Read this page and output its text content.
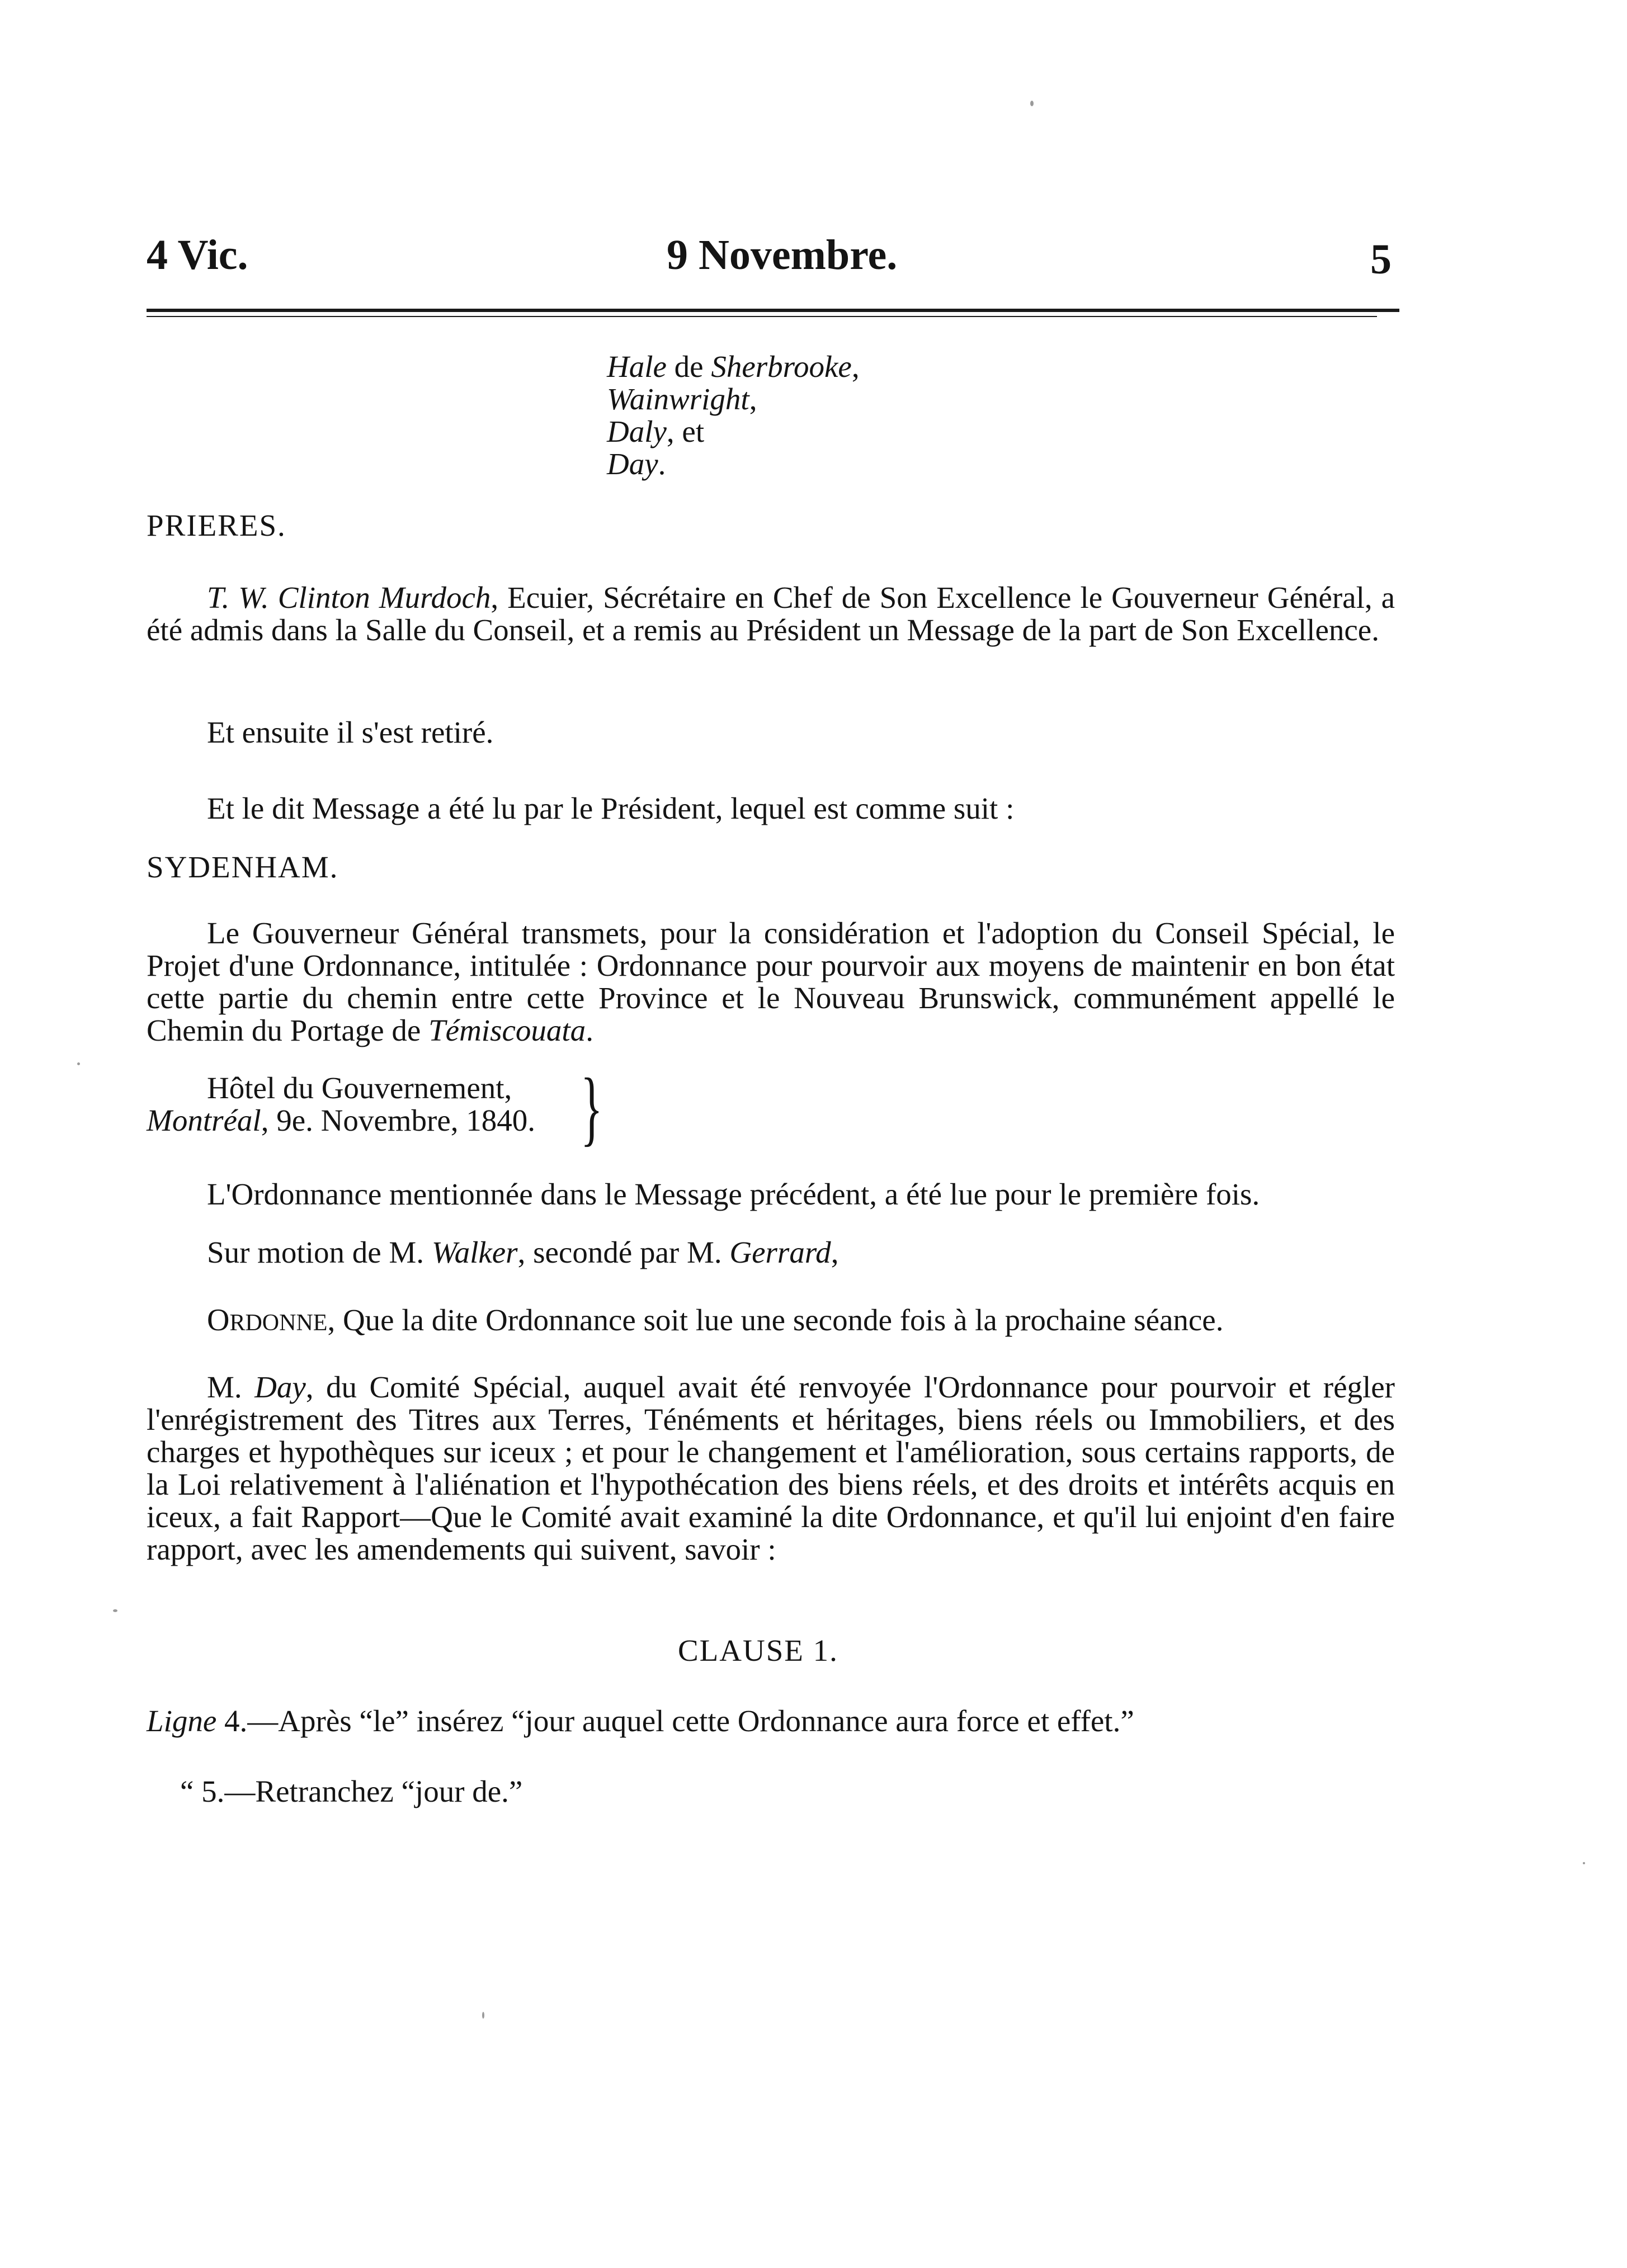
4 Vic.	9 Novembre.	5
Hale de Sherbrooke,
Wainwright,
Daly, et
Day.
PRIERES.
T. W. Clinton Murdoch, Ecuier, Sécrétaire en Chef de Son Excellence le Gouverneur Général, a été admis dans la Salle du Conseil, et a remis au Président un Message de la part de Son Excellence.
Et ensuite il s'est retiré.
Et le dit Message a été lu par le Président, lequel est comme suit :
SYDENHAM.
Le Gouverneur Général transmets, pour la considération et l'adoption du Conseil Spécial, le Projet d'une Ordonnance, intitulée : Ordonnance pour pourvoir aux moyens de maintenir en bon état cette partie du chemin entre cette Province et le Nouveau Brunswick, communément appellé le Chemin du Portage de Témiscouata.
Hôtel du Gouvernement,
Montréal, 9e. Novembre, 1840. }
L'Ordonnance mentionnée dans le Message précédent, a été lue pour le première fois.
Sur motion de M. Walker, secondé par M. Gerrard,
ORDONNE, Que la dite Ordonnance soit lue une seconde fois à la prochaine séance.
M. Day, du Comité Spécial, auquel avait été renvoyée l'Ordonnance pour pourvoir et régler l'enrégistrement des Titres aux Terres, Ténéments et héritages, biens réels ou Immobiliers, et des charges et hypothèques sur iceux ; et pour le changement et l'amélioration, sous certains rapports, de la Loi relativement à l'aliénation et l'hypothécation des biens réels, et des droits et intérêts acquis en iceux, a fait Rapport—Que le Comité avait examiné la dite Ordonnance, et qu'il lui enjoint d'en faire rapport, avec les amendements qui suivent, savoir :
CLAUSE 1.
Ligne 4.—Après “le” insérez “jour auquel cette Ordonnance aura force et effet.”
“ 5.—Retranchez “jour de.”
